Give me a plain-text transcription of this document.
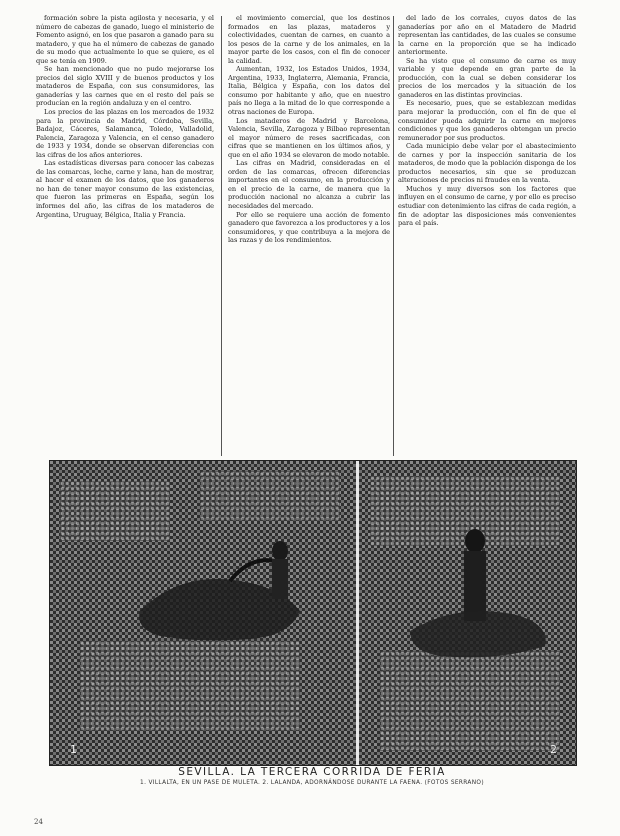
formación sobre la pista agilosta y necesaria, y el número de cabezas de ganado, luego el ministerio de Fomento asignó, en los que pasaron a ganado para su matadero, y que ha el número de cabezas de ganado de su modo que actualmente lo que se quiere, es el que se tenía en 1909.

Se han mencionado que no pudo mejorarse los precios del siglo XVIII y de buenos productos y los mataderos de España, con sus consumidores, las ganaderías y las carnes que en el resto del país se producían en la región andaluza y en el centro.

Los precios de las plazas en los mercados de 1932 para la provincia de Madrid, Córdoba, Sevilla, Badajoz, Cáceres, Salamanca, Toledo, Valladolid, Palencia, Zaragoza y Valencia, en el censo ganadero de 1933 y 1934, donde se observan diferencias con las cifras de los años anteriores.

Las estadísticas diversas para conocer las cabezas de las comarcas, leche, carne y lana, han de mostrar, al hacer el examen de los datos, que los ganaderos no han de tener mayor consumo de las existencias, que fueron las primeras en España, según los informes del año, las cifras de los mataderos de Argentina, Uruguay, Bélgica, Italia y Francia.

el movimiento comercial, que los destinos formados en las plazas, mataderos y colectividades, cuentan de carnes, en cuanto a los pesos de la carne y de los animales, en la mayor parte de los casos, con el fin de conocer la calidad.

Aumentan, 1932, los Estados Unidos, 1934, Argentina, 1933, Inglaterra, Alemania, Francia, Italia, Bélgica y España, con los datos del consumo por habitante y año, que en nuestro país no llega a la mitad de lo que corresponde a otras naciones de Europa.

Los mataderos de Madrid y Barcelona, Valencia, Sevilla, Zaragoza y Bilbao representan el mayor número de reses sacrificadas, con cifras que se mantienen en los últimos años, y que en el año 1934 se elevaron de modo notable.

Las cifras en Madrid, consideradas en el orden de las comarcas, ofrecen diferencias importantes en el consumo, en la producción y en el precio de la carne, de manera que la producción nacional no alcanza a cubrir las necesidades del mercado.

Por ello se requiere una acción de fomento ganadero que favorezca a los productores y a los consumidores, y que contribuya a la mejora de las razas y de los rendimientos.

del lado de los corrales, cuyos datos de las ganaderías por año en el Matadero de Madrid representan las cantidades, de las cuales se consume la carne en la proporción que se ha indicado anteriormente.

Se ha visto que el consumo de carne es muy variable y que depende en gran parte de la producción, con la cual se deben considerar los precios de los mercados y la situación de los ganaderos en las distintas provincias.

Es necesario, pues, que se establezcan medidas para mejorar la producción, con el fin de que el consumidor pueda adquirir la carne en mejores condiciones y que los ganaderos obtengan un precio remunerador por sus productos.

Cada municipio debe velar por el abastecimiento de carnes y por la inspección sanitaria de los mataderos, de modo que la población disponga de los productos necesarios, sin que se produzcan alteraciones de precios ni fraudes en la venta.

Muchos y muy diversos son los factores que influyen en el consumo de carne, y por ello es preciso estudiar con detenimiento las cifras de cada región, a fin de adoptar las disposiciones más convenientes para el país.

1	2
SEVILLA. LA TERCERA CORRIDA DE FERIA
1. VILLALTA, EN UN PASE DE MULETA. 2. LALANDA, ADORNÁNDOSE DURANTE LA FAENA. (FOTOS SERRANO)
24
